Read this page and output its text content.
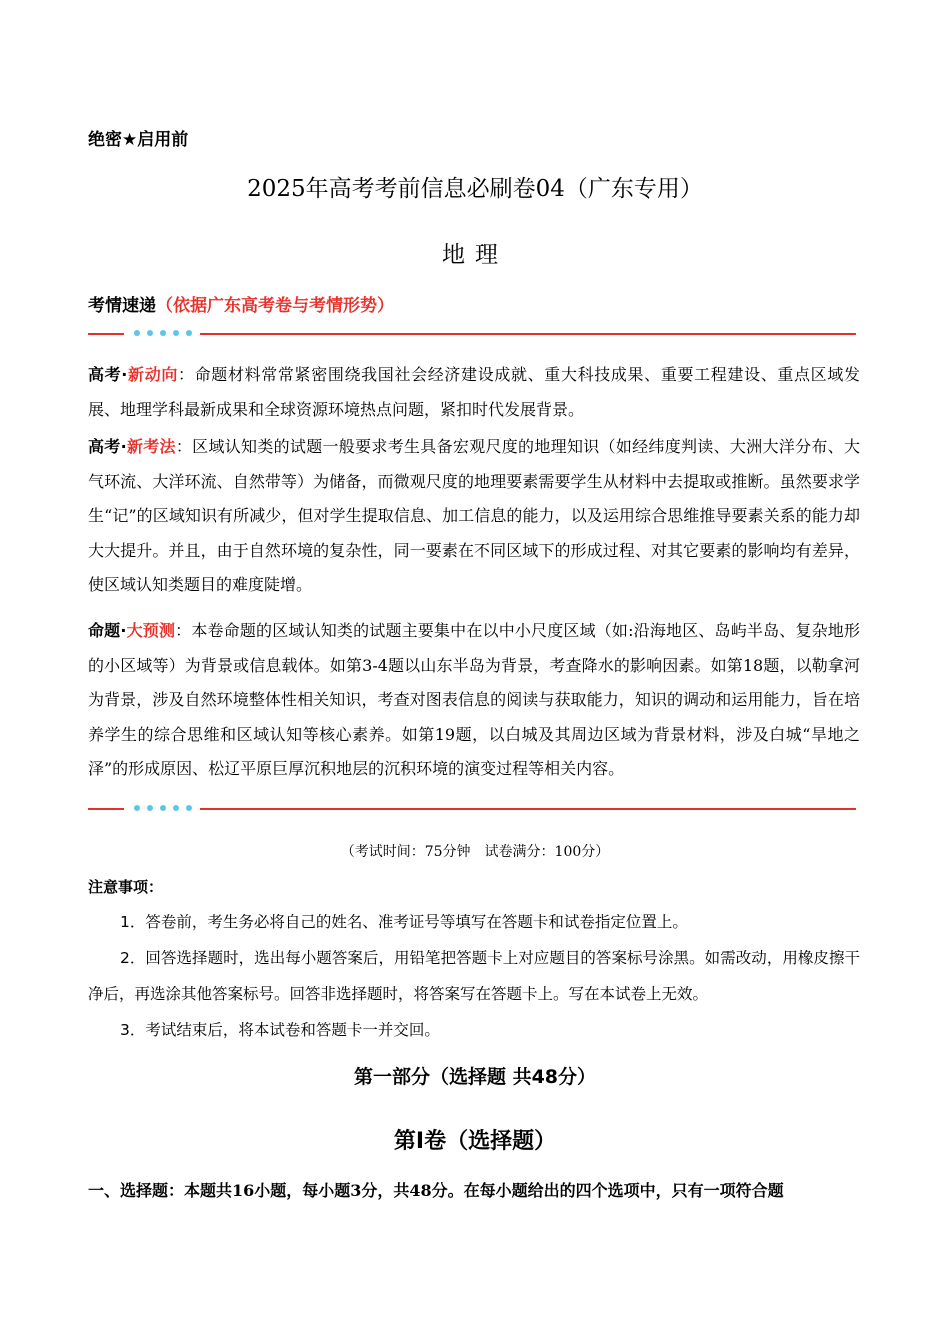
绝密★启用前
2025年高考考前信息必刷卷04（广东专用）
地理
考情速递（依据广东高考卷与考情形势）
高考·新动向：命题材料常常紧密围绕我国社会经济建设成就、重大科技成果、重要工程建设、重点区域发展、地理学科最新成果和全球资源环境热点问题，紧扣时代发展背景。
高考·新考法：区域认知类的试题一般要求考生具备宏观尺度的地理知识（如经纬度判读、大洲大洋分布、大气环流、大洋环流、自然带等）为储备，而微观尺度的地理要素需要学生从材料中去提取或推断。虽然要求学生“记”的区域知识有所减少，但对学生提取信息、加工信息的能力，以及运用综合思维推导要素关系的能力却大大提升。并且，由于自然环境的复杂性，同一要素在不同区域下的形成过程、对其它要素的影响均有差异，使区域认知类题目的难度陡增。
命题·大预测：本卷命题的区域认知类的试题主要集中在以中小尺度区域（如:沿海地区、岛屿半岛、复杂地形的小区域等）为背景或信息载体。如第3-4题以山东半岛为背景，考查降水的影响因素。如第18题，以勒拿河为背景，涉及自然环境整体性相关知识，考查对图表信息的阅读与获取能力，知识的调动和运用能力，旨在培养学生的综合思维和区域认知等核心素养。如第19题，以白城及其周边区域为背景材料，涉及白城“旱地之泽”的形成原因、松辽平原巨厚沉积地层的沉积环境的演变过程等相关内容。
（考试时间：75分钟　试卷满分：100分）
注意事项：
1．答卷前，考生务必将自己的姓名、准考证号等填写在答题卡和试卷指定位置上。
2．回答选择题时，选出每小题答案后，用铅笔把答题卡上对应题目的答案标号涂黑。如需改动，用橡皮擦干净后，再选涂其他答案标号。回答非选择题时，将答案写在答题卡上。写在本试卷上无效。
3．考试结束后，将本试卷和答题卡一并交回。
第一部分（选择题 共48分）
第Ⅰ卷（选择题）
一、选择题：本题共16小题，每小题3分，共48分。在每小题给出的四个选项中，只有一项符合题
